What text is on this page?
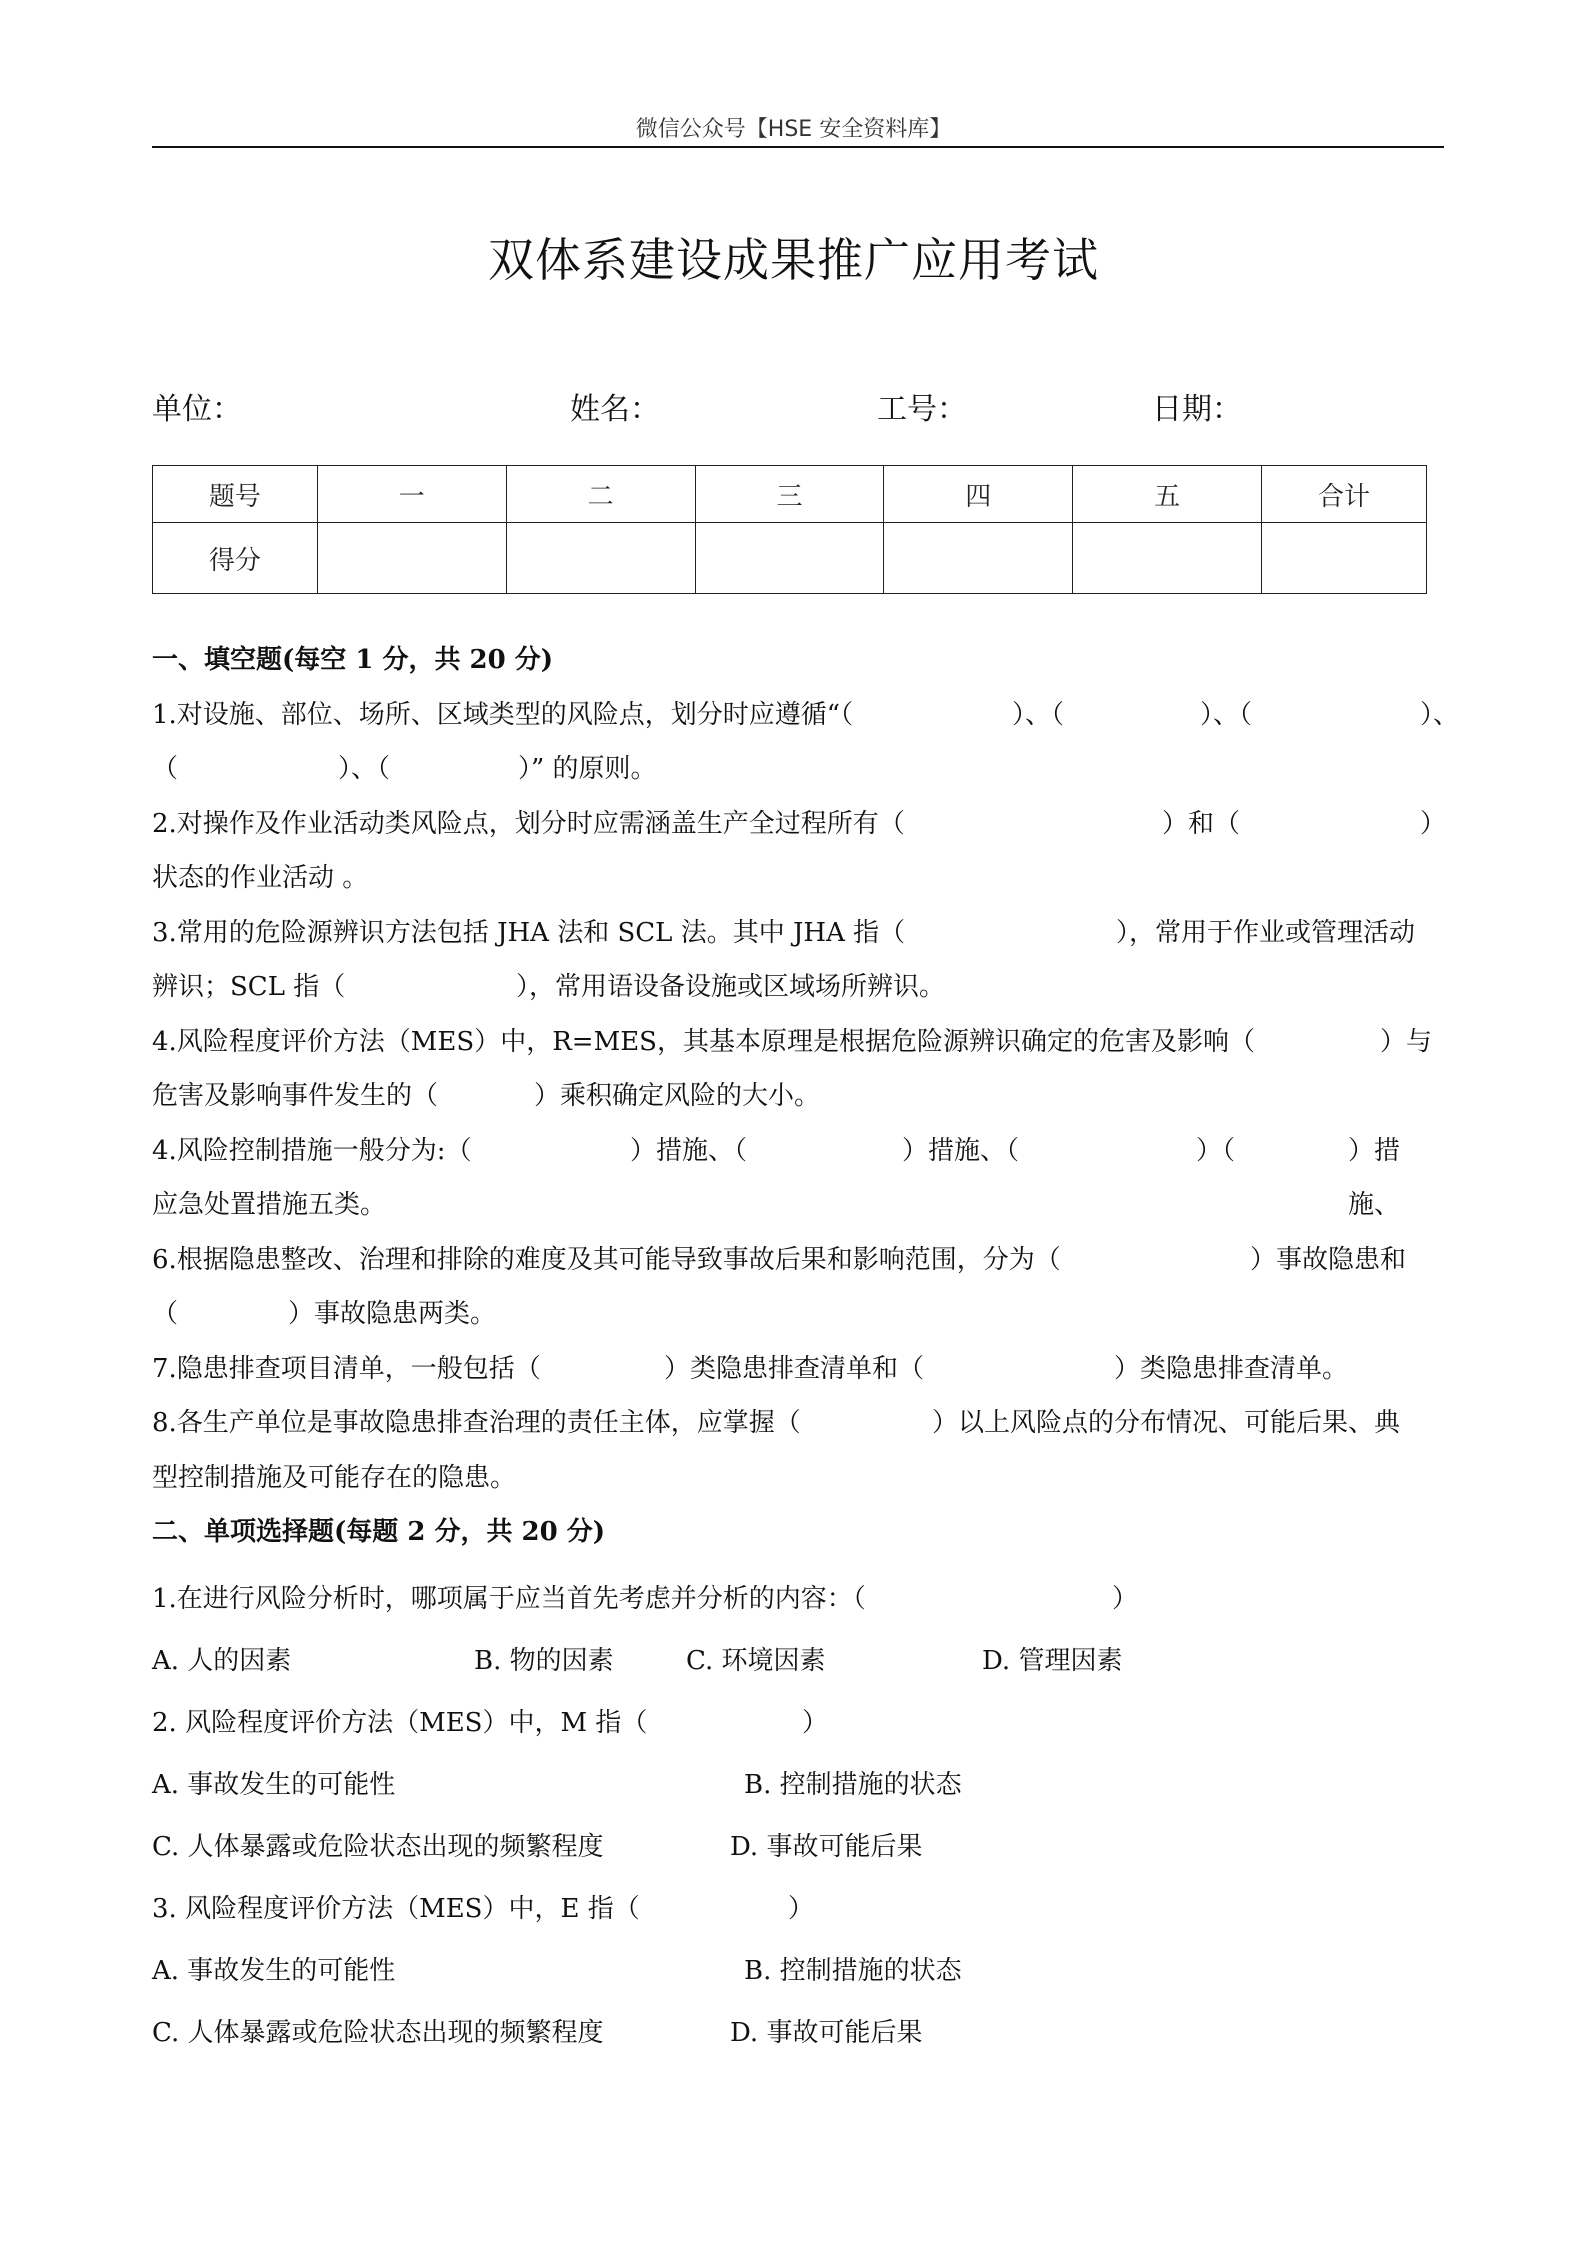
微信公众号【HSE 安全资料库】
双体系建设成果推广应用考试
单位：	姓名：	工号：	日期：
题号	一	二	三	四	五	合计
得分						
一、填空题(每空 1 分，共 20 分)
1.对设施、部位、场所、区域类型的风险点，划分时应遵循“（	）、（	）、（	）、
（	）、（	）” 的原则。
2.对操作及作业活动类风险点，划分时应需涵盖生产全过程所有（	）和（	）
状态的作业活动 。
3.常用的危险源辨识方法包括 JHA 法和 SCL 法。其中 JHA 指（	），常用于作业或管理活动
辨识；SCL 指（	），常用语设备设施或区域场所辨识。
4.风险程度评价方法（MES）中，R=MES，其基本原理是根据危险源辨识确定的危害及影响（	）与
危害及影响事件发生的（	）乘积确定风险的大小。
4.风险控制措施一般分为:（	）措施、（	）措施、（	）（	）措施、
应急处置措施五类。
6.根据隐患整改、治理和排除的难度及其可能导致事故后果和影响范围，分为（	）事故隐患和
（	）事故隐患两类。
7.隐患排查项目清单，一般包括（	）类隐患排查清单和（	）类隐患排查清单。
8.各生产单位是事故隐患排查治理的责任主体，应掌握（	）以上风险点的分布情况、可能后果、典
型控制措施及可能存在的隐患。
二、单项选择题(每题 2 分，共 20 分)
1.在进行风险分析时，哪项属于应当首先考虑并分析的内容：（	）
A. 人的因素	B. 物的因素	C. 环境因素	D. 管理因素
2. 风险程度评价方法（MES）中，M 指（	）
A. 事故发生的可能性	B. 控制措施的状态
C. 人体暴露或危险状态出现的频繁程度	D. 事故可能后果
3. 风险程度评价方法（MES）中，E 指（	）
A. 事故发生的可能性	B. 控制措施的状态
C. 人体暴露或危险状态出现的频繁程度	D. 事故可能后果
